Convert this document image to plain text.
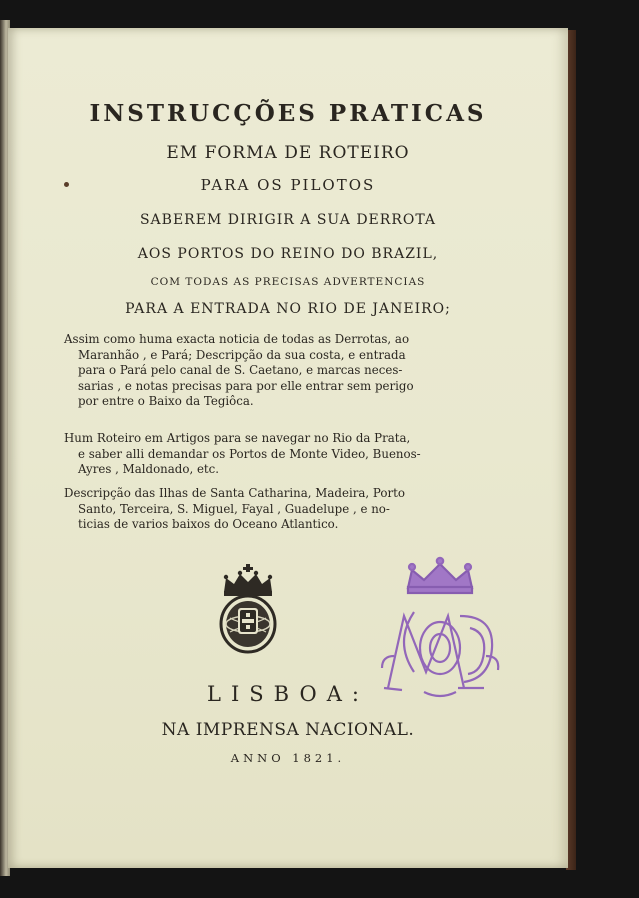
INSTRUCÇÕES PRATICAS
EM FORMA DE ROTEIRO
PARA OS PILOTOS
SABEREM DIRIGIR A SUA DERROTA
AOS PORTOS DO REINO DO BRAZIL,
COM TODAS AS PRECISAS ADVERTENCIAS
PARA A ENTRADA NO RIO DE JANEIRO;
Assim como huma exacta noticia de todas as Derrotas, ao
Maranhão , e Pará; Descripção da sua costa, e entrada
para o Pará pelo canal de S. Caetano, e marcas neces-
sarias , e notas precisas para por elle entrar sem perigo
por entre o Baixo da Tegiôca.
Hum Roteiro em Artigos para se navegar no Rio da Prata,
e saber alli demandar os Portos de Monte Video, Buenos-
Ayres , Maldonado, etc.
Descripção das Ilhas de Santa Catharina, Madeira, Porto
Santo, Terceira, S. Miguel, Fayal , Guadelupe , e no-
ticias de varios baixos do Oceano Atlantico.
LISBOA:
NA IMPRENSA NACIONAL.
ANNO 1821.
